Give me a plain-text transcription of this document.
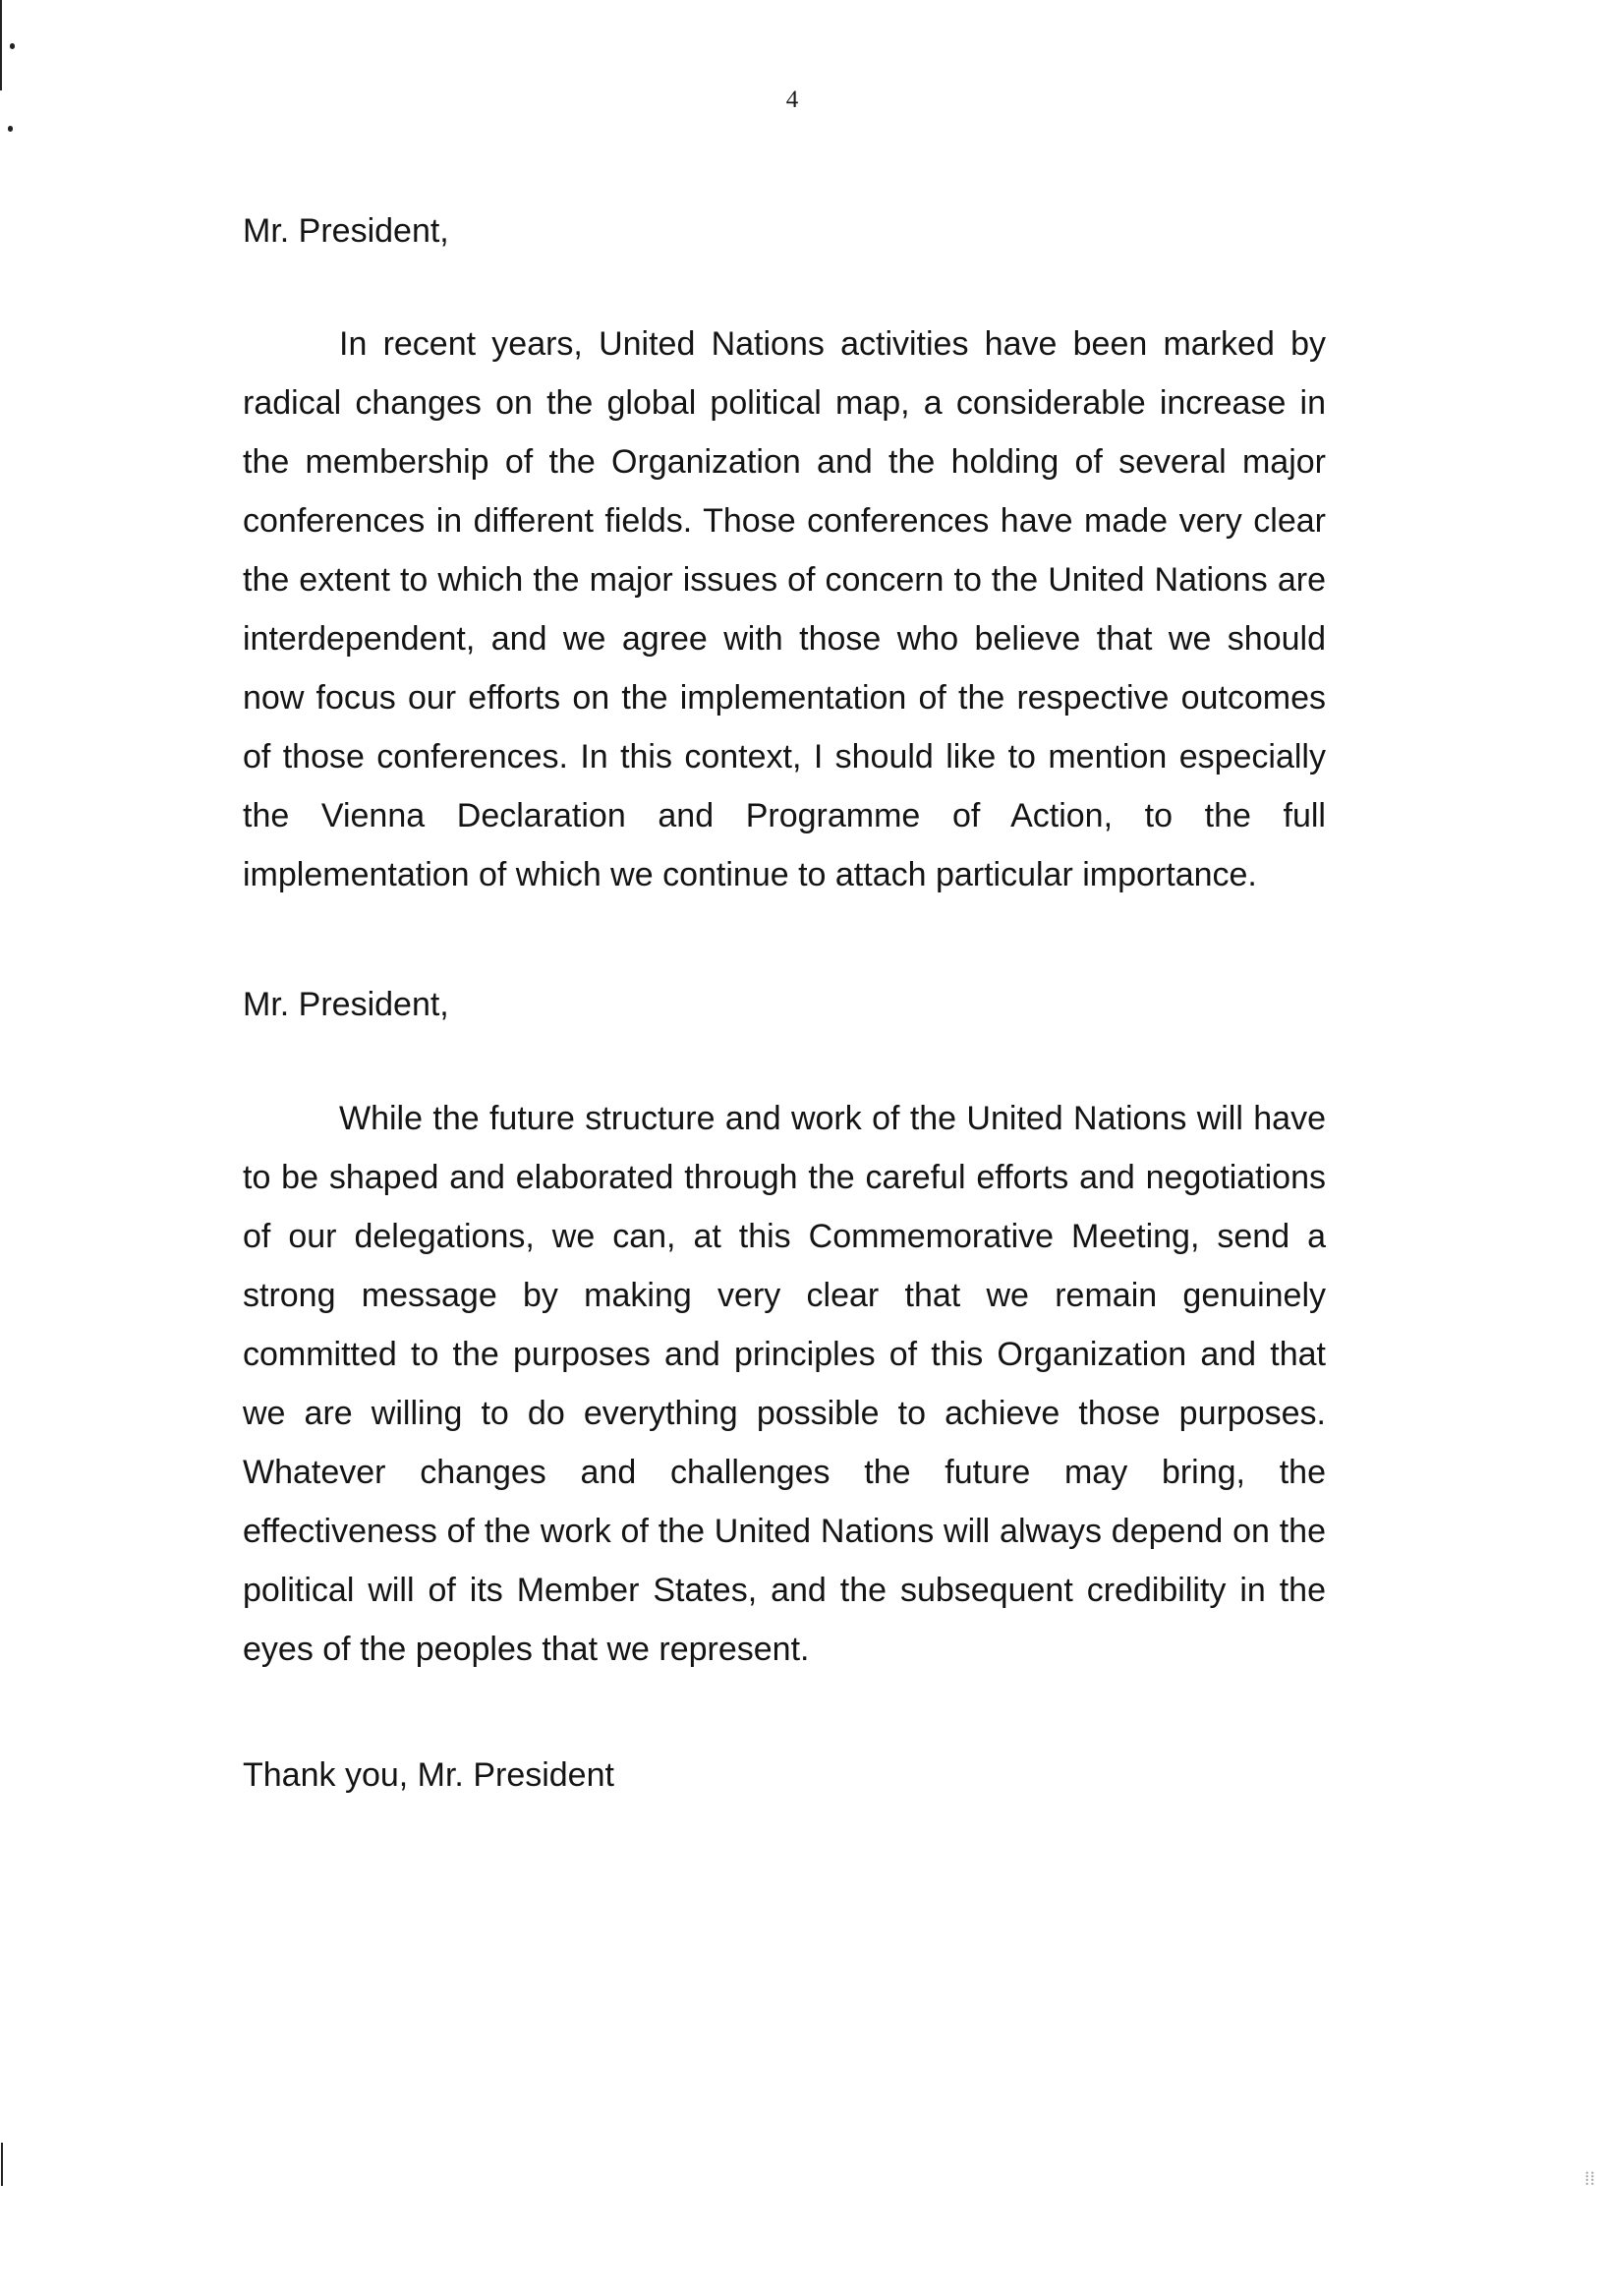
⁞⁞
4
Mr. President,
In recent years, United Nations activities have been marked by radical changes on the global political map, a considerable increase in the membership of the Organization and the holding of several major conferences in different fields. Those conferences have made very clear the extent to which the major issues of concern to the United Nations are interdependent, and we agree with those who believe that we should now focus our efforts on the implementation of the respective outcomes of those conferences. In this context, I should like to mention especially the Vienna Declaration and Programme of Action, to the full implementation of which we continue to attach particular importance.
Mr. President,
While the future structure and work of the United Nations will have to be shaped and elaborated through the careful efforts and negotiations of our delegations, we can, at this Commemorative Meeting, send a strong message by making very clear that we remain genuinely committed to the purposes and principles of this Organization and that we are willing to do everything possible to achieve those purposes. Whatever changes and challenges the future may bring, the effectiveness of the work of the United Nations will always depend on the political will of its Member States, and the subsequent credibility in the eyes of the peoples that we represent.
Thank you, Mr. President
